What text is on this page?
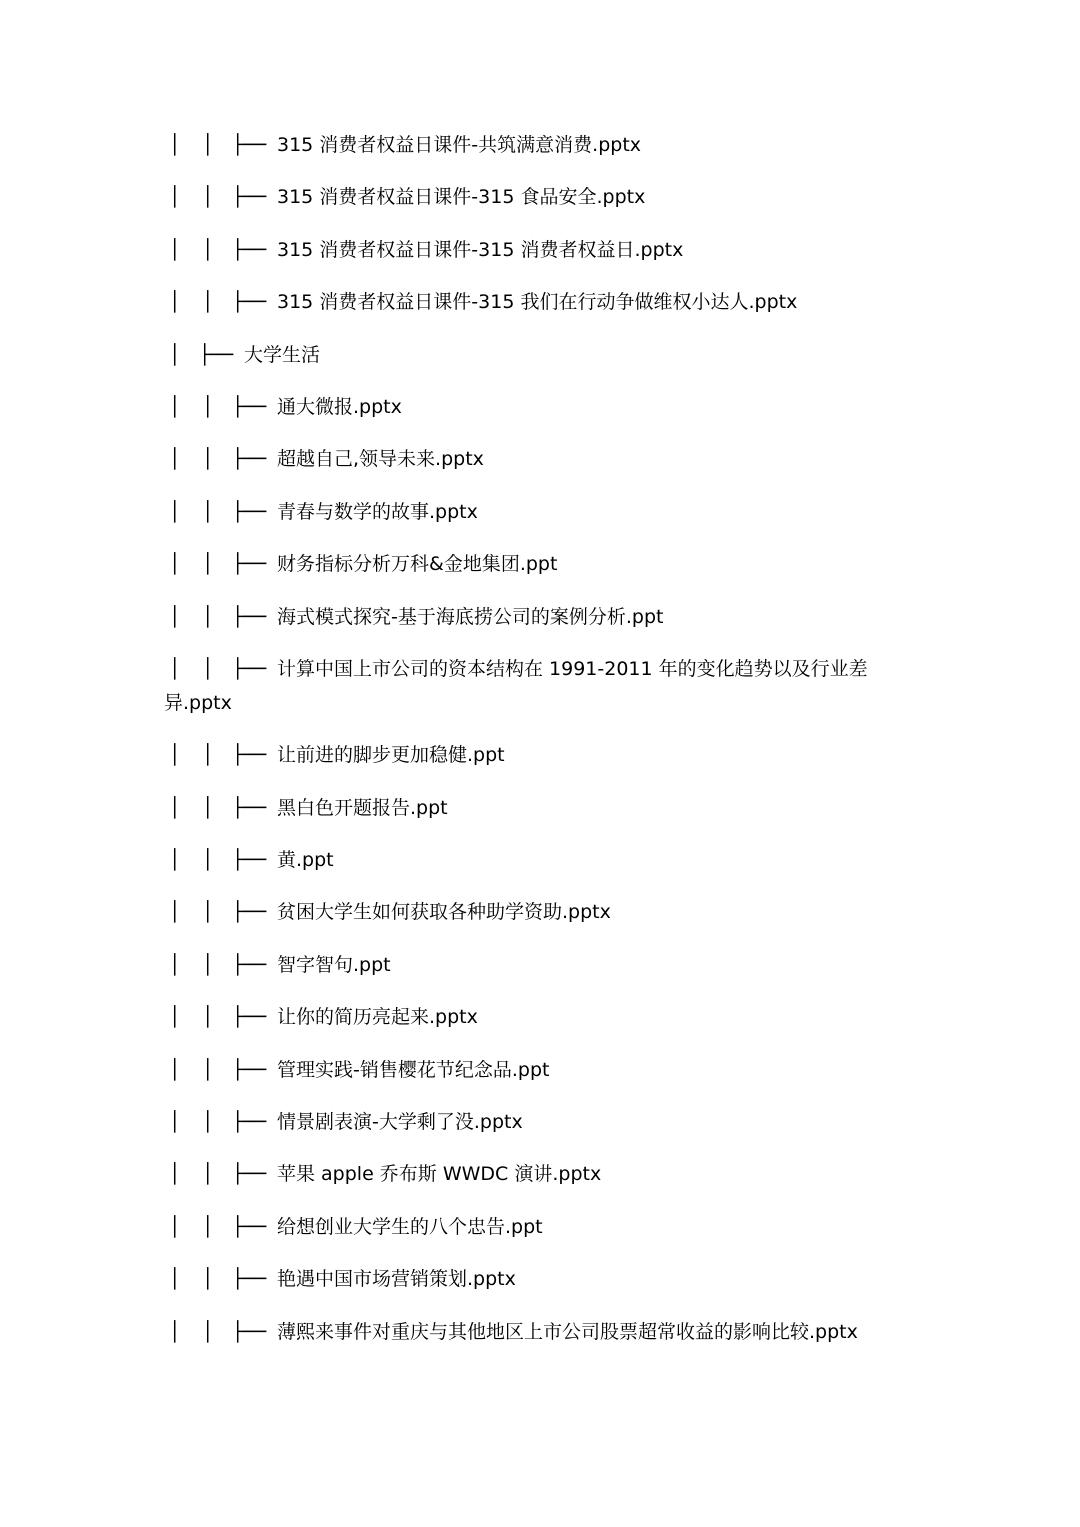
│ │ ├── 315 消费者权益日课件-共筑满意消费.pptx
│ │ ├── 315 消费者权益日课件-315 食品安全.pptx
│ │ ├── 315 消费者权益日课件-315 消费者权益日.pptx
│ │ ├── 315 消费者权益日课件-315 我们在行动争做维权小达人.pptx
│ ├── 大学生活
│ │ ├── 通大微报.pptx
│ │ ├── 超越自己,领导未来.pptx
│ │ ├── 青春与数学的故事.pptx
│ │ ├── 财务指标分析万科&金地集团.ppt
│ │ ├── 海式模式探究-基于海底捞公司的案例分析.ppt
│ │ ├── 计算中国上市公司的资本结构在 1991-2011 年的变化趋势以及行业差异.pptx
│ │ ├── 让前进的脚步更加稳健.ppt
│ │ ├── 黑白色开题报告.ppt
│ │ ├── 黄.ppt
│ │ ├── 贫困大学生如何获取各种助学资助.pptx
│ │ ├── 智字智句.ppt
│ │ ├── 让你的简历亮起来.pptx
│ │ ├── 管理实践-销售樱花节纪念品.ppt
│ │ ├── 情景剧表演-大学剩了没.pptx
│ │ ├── 苹果 apple 乔布斯 WWDC 演讲.pptx
│ │ ├── 给想创业大学生的八个忠告.ppt
│ │ ├── 艳遇中国市场营销策划.pptx
│ │ ├── 薄熙来事件对重庆与其他地区上市公司股票超常收益的影响比较.pptx
